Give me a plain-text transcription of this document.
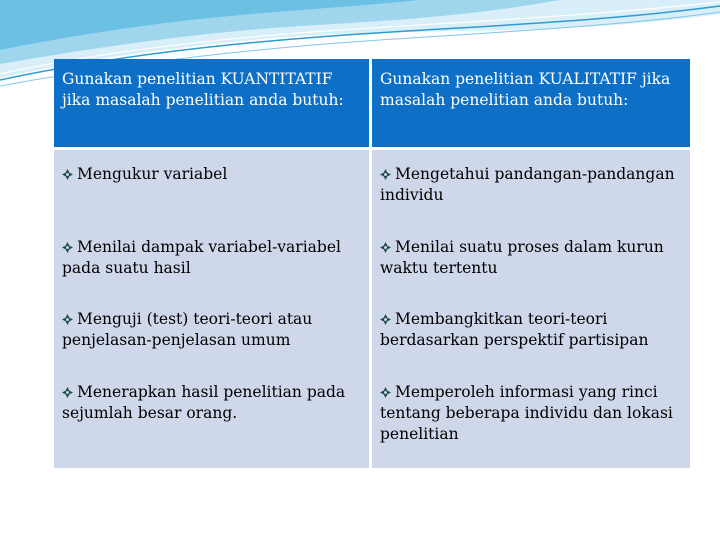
Gunakan penelitian KUANTITATIF jika masalah penelitian anda butuh:	Gunakan penelitian KUALITATIF jika masalah penelitian anda butuh:
Mengukur variabel	Mengetahui pandangan-pandangan individu
Menilai dampak variabel-variabel pada suatu hasil	Menilai suatu proses dalam kurun waktu tertentu
Menguji (test) teori-teori atau penjelasan-penjelasan umum	Membangkitkan teori-teori berdasarkan perspektif partisipan
Menerapkan hasil penelitian pada sejumlah besar orang.	Memperoleh informasi yang rinci tentang beberapa individu dan lokasi penelitian
